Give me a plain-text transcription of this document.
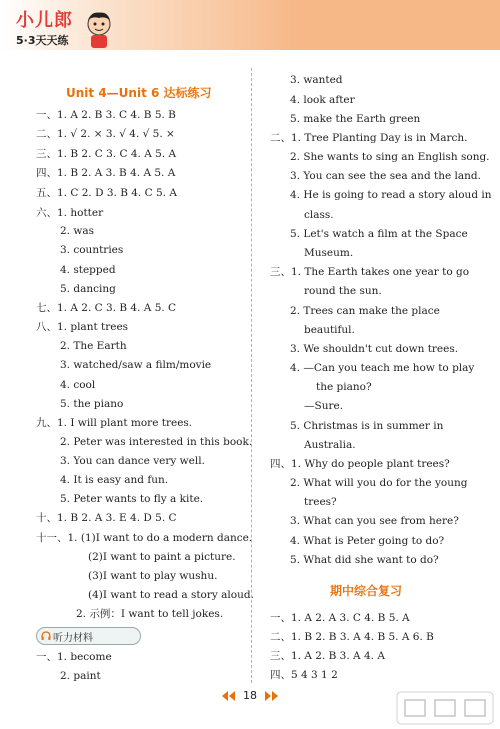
小儿郎
5·3天天练
Unit 4—Unit 6 达标练习
一、1. A 2. B 3. C 4. B 5. B
二、1. √ 2. × 3. √ 4. √ 5. ×
三、1. B 2. C 3. C 4. A 5. A
四、1. B 2. A 3. B 4. A 5. A
五、1. C 2. D 3. B 4. C 5. A
六、1. hotter
2. was
3. countries
4. stepped
5. dancing
七、1. A 2. C 3. B 4. A 5. C
八、1. plant trees
2. The Earth
3. watched/saw a film/movie
4. cool
5. the piano
九、1. I will plant more trees.
2. Peter was interested in this book.
3. You can dance very well.
4. It is easy and fun.
5. Peter wants to fly a kite.
十、1. B 2. A 3. E 4. D 5. C
十一、1. (1)I want to do a modern dance.
(2)I want to paint a picture.
(3)I want to play wushu.
(4)I want to read a story aloud.
2. 示例：I want to tell jokes.
听力材料
一、1. become
2. paint
3. wanted
4. look after
5. make the Earth green
二、1. Tree Planting Day is in March.
2. She wants to sing an English song.
3. You can see the sea and the land.
4. He is going to read a story aloud in
class.
5. Let's watch a film at the Space
Museum.
三、1. The Earth takes one year to go
round the sun.
2. Trees can make the place
beautiful.
3. We shouldn't cut down trees.
4. —Can you teach me how to play
the piano?
—Sure.
5. Christmas is in summer in
Australia.
四、1. Why do people plant trees?
2. What will you do for the young
trees?
3. What can you see from here?
4. What is Peter going to do?
5. What did she want to do?
期中综合复习
一、1. A 2. A 3. C 4. B 5. A
二、1. B 2. B 3. A 4. B 5. A 6. B
三、1. A 2. B 3. A 4. A
四、5 4 3 1 2
18
